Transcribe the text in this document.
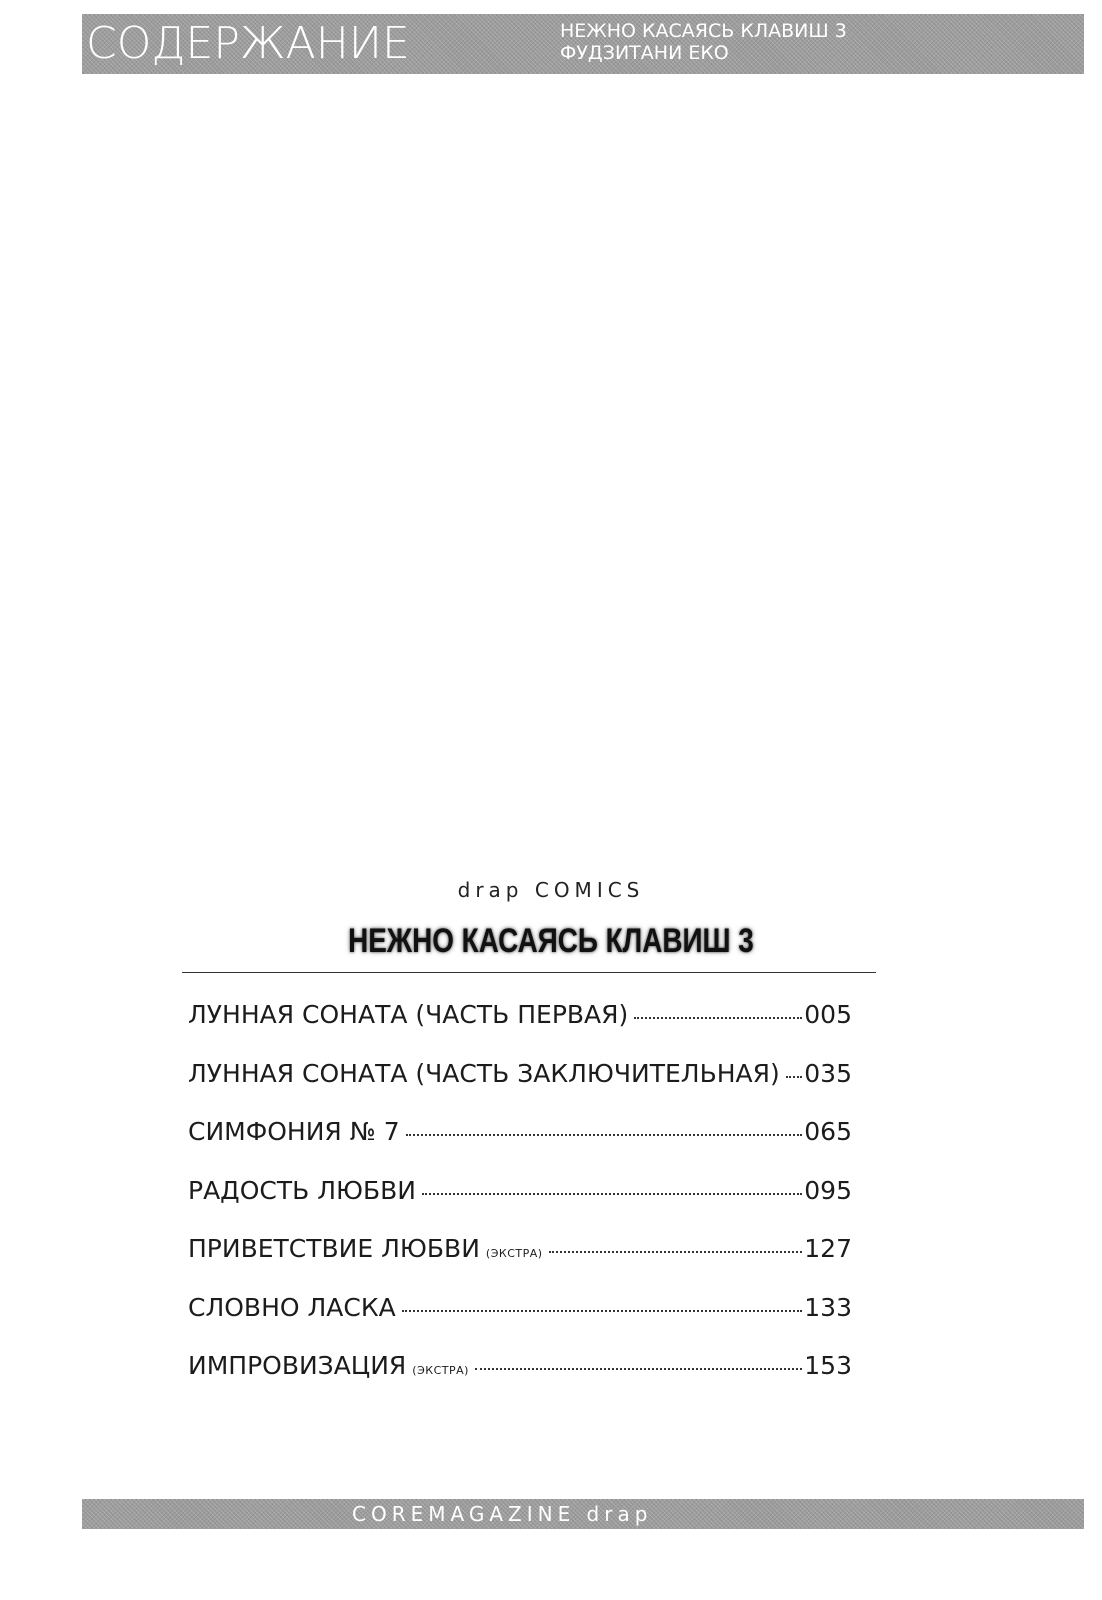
СОДЕРЖАНИЕ	НЕЖНО КАСАЯСЬ КЛАВИШ 3
ФУДЗИТАНИ ЕКО
drap COMICS
НЕЖНО КАСАЯСЬ КЛАВИШ 3
ЛУННАЯ СОНАТА (ЧАСТЬ ПЕРВАЯ)	005
ЛУННАЯ СОНАТА (ЧАСТЬ ЗАКЛЮЧИТЕЛЬНАЯ) 035
СИМФОНИЯ № 7	065
РАДОСТЬ ЛЮБВИ	095
ПРИВЕТСТВИЕ ЛЮБВИ (ЭКСТРА)	127
СЛОВНО ЛАСКА	133
ИМПРОВИЗАЦИЯ (ЭКСТРА)	153
COREMAGAZINE drap
